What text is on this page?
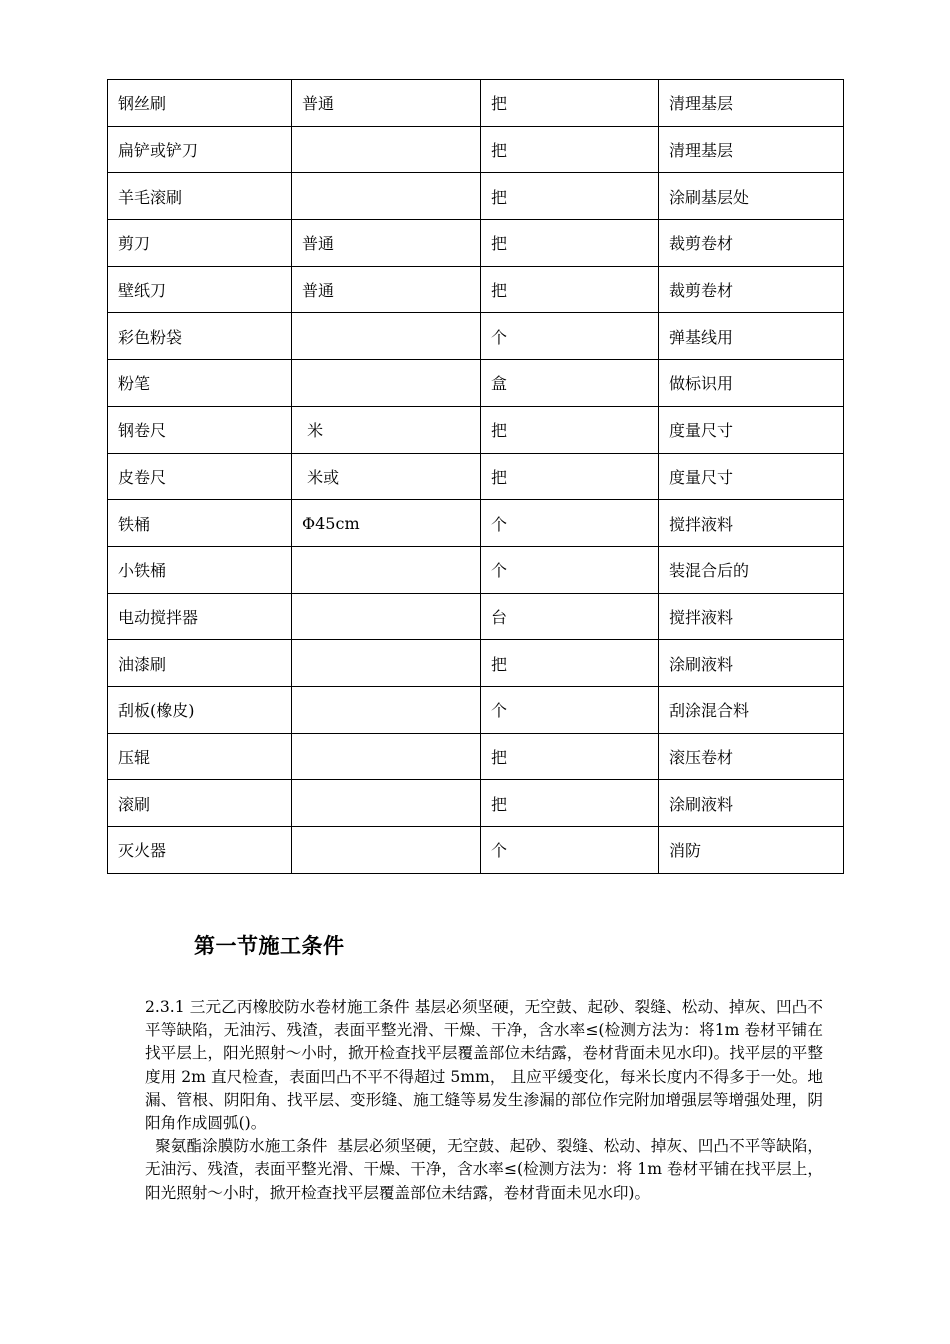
钢丝刷	普通	把	清理基层
扁铲或铲刀		把	清理基层
羊毛滚刷		把	涂刷基层处
剪刀	普通	把	裁剪卷材
壁纸刀	普通	把	裁剪卷材
彩色粉袋		个	弹基线用
粉笔		盒	做标识用
钢卷尺	米	把	度量尺寸
皮卷尺	米或	把	度量尺寸
铁桶	Φ45cm	个	搅拌液料
小铁桶		个	装混合后的
电动搅拌器		台	搅拌液料
油漆刷		把	涂刷液料
刮板(橡皮)		个	刮涂混合料
压辊		把	滚压卷材
滚刷		把	涂刷液料
灭火器		个	消防
第一节施工条件

2.3.1 三元乙丙橡胶防水卷材施工条件 基层必须坚硬，无空鼓、起砂、裂缝、松动、掉灰、凹凸不平等缺陷，无油污、残渣，表面平整光滑、干燥、干净，含水率≤(检测方法为：将1m 卷材平铺在找平层上，阳光照射～小时，掀开检查找平层覆盖部位未结露，卷材背面未见水印)。找平层的平整度用 2m 直尺检查，表面凹凸不平不得超过 5mm， 且应平缓变化，每米长度内不得多于一处。地漏、管根、阴阳角、找平层、变形缝、施工缝等易发生渗漏的部位作完附加增强层等增强处理，阴阳角作成圆弧()。

聚氨酯涂膜防水施工条件  基层必须坚硬，无空鼓、起砂、裂缝、松动、掉灰、凹凸不平等缺陷，无油污、残渣，表面平整光滑、干燥、干净，含水率≤(检测方法为：将 1m 卷材平铺在找平层上，阳光照射～小时，掀开检查找平层覆盖部位未结露，卷材背面未见水印)。
